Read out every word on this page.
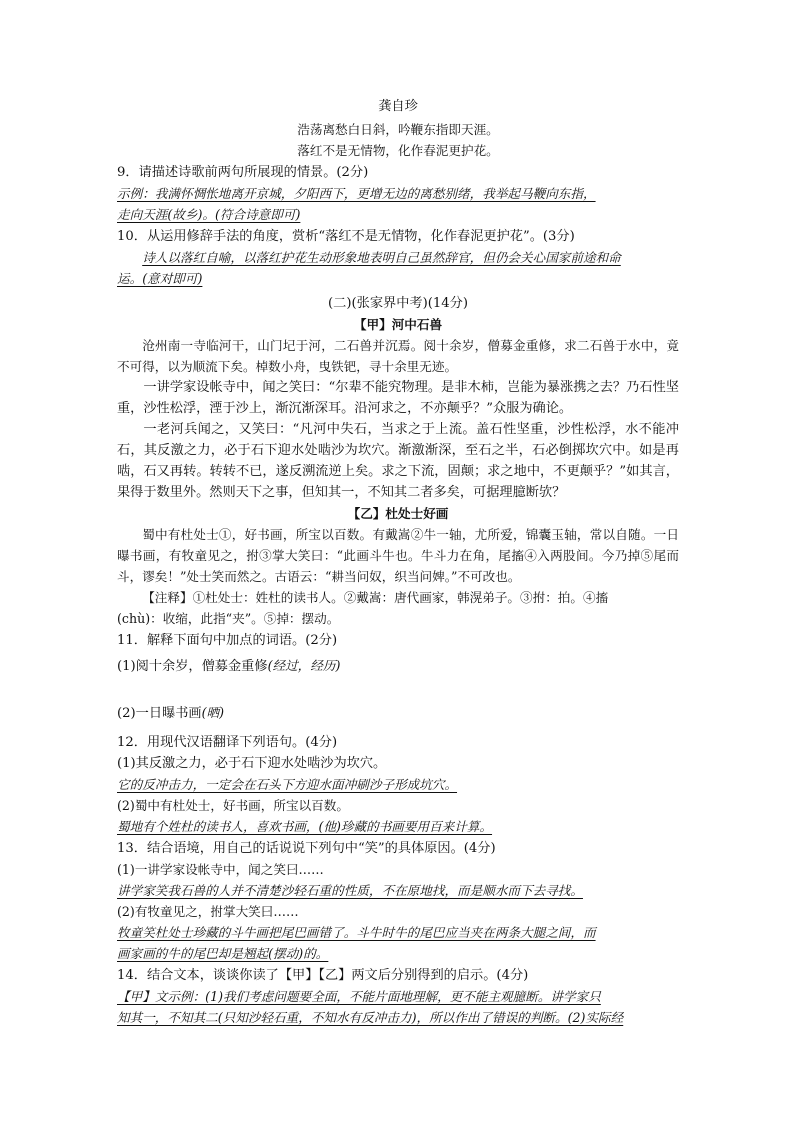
龚自珍
浩荡离愁白日斜，吟鞭东指即天涯。
落红不是无情物，化作春泥更护花。
9．请描述诗歌前两句所展现的情景。(2分)
示例：我满怀惆怅地离开京城，夕阳西下，更增无边的离愁别绪，我举起马鞭向东指，
走向天涯(故乡)。(符合诗意即可)
10．从运用修辞手法的角度，赏析“落红不是无情物，化作春泥更护花”。(3分)
诗人以落红自喻，以落红护花生动形象地表明自己虽然辞官，但仍会关心国家前途和命
运。(意对即可)
(二)(张家界中考)(14分)
【甲】河中石兽
沧州南一寺临河干，山门圮于河，二石兽并沉焉。阅十余岁，僧募金重修，求二石兽于水中，竟不可得，以为顺流下矣。棹数小舟，曳铁钯，寻十余里无迹。
一讲学家设帐寺中，闻之笑曰：“尔辈不能究物理。是非木柿，岂能为暴涨携之去？乃石性坚重，沙性松浮，湮于沙上，渐沉渐深耳。沿河求之，不亦颠乎？”众服为确论。
一老河兵闻之，又笑曰：“凡河中失石，当求之于上流。盖石性坚重，沙性松浮，水不能冲石，其反激之力，必于石下迎水处啮沙为坎穴。渐激渐深，至石之半，石必倒掷坎穴中。如是再啮，石又再转。转转不已，遂反溯流逆上矣。求之下流，固颠；求之地中，不更颠乎？”如其言，果得于数里外。然则天下之事，但知其一，不知其二者多矣，可据理臆断欤？
【乙】杜处士好画
蜀中有杜处士①，好书画，所宝以百数。有戴嵩②牛一轴，尤所爱，锦囊玉轴，常以自随。一日曝书画，有牧童见之，拊③掌大笑曰：“此画斗牛也。牛斗力在角，尾搐④入两股间。今乃掉⑤尾而斗，谬矣！”处士笑而然之。古语云：“耕当问奴，织当问婢。”不可改也。
【注释】①杜处士：姓杜的读书人。②戴嵩：唐代画家，韩滉弟子。③拊：拍。④搐
(chù)：收缩，此指“夹”。⑤掉：摆动。
11．解释下面句中加点的词语。(2分)
(1)阅十余岁，僧募金重修(经过，经历)
(2)一日曝书画(晒)
12．用现代汉语翻译下列语句。(4分)
(1)其反激之力，必于石下迎水处啮沙为坎穴。
它的反冲击力，一定会在石头下方迎水面冲刷沙子形成坑穴。
(2)蜀中有杜处士，好书画，所宝以百数。
蜀地有个姓杜的读书人，喜欢书画，(他)珍藏的书画要用百来计算。
13．结合语境，用自己的话说说下列句中“笑”的具体原因。(4分)
(1)一讲学家设帐寺中，闻之笑曰……
讲学家笑我石兽的人并不清楚沙轻石重的性质，不在原地找，而是顺水而下去寻找。
(2)有牧童见之，拊掌大笑曰……
牧童笑杜处士珍藏的斗牛画把尾巴画错了。斗牛时牛的尾巴应当夹在两条大腿之间，而
画家画的牛的尾巴却是翘起(摆动)的。
14．结合文本，谈谈你读了【甲】【乙】两文后分别得到的启示。(4分)
【甲】文示例：(1)我们考虑问题要全面，不能片面地理解，更不能主观臆断。讲学家只
知其一，不知其二(只知沙轻石重，不知水有反冲击力)，所以作出了错误的判断。(2)实际经
